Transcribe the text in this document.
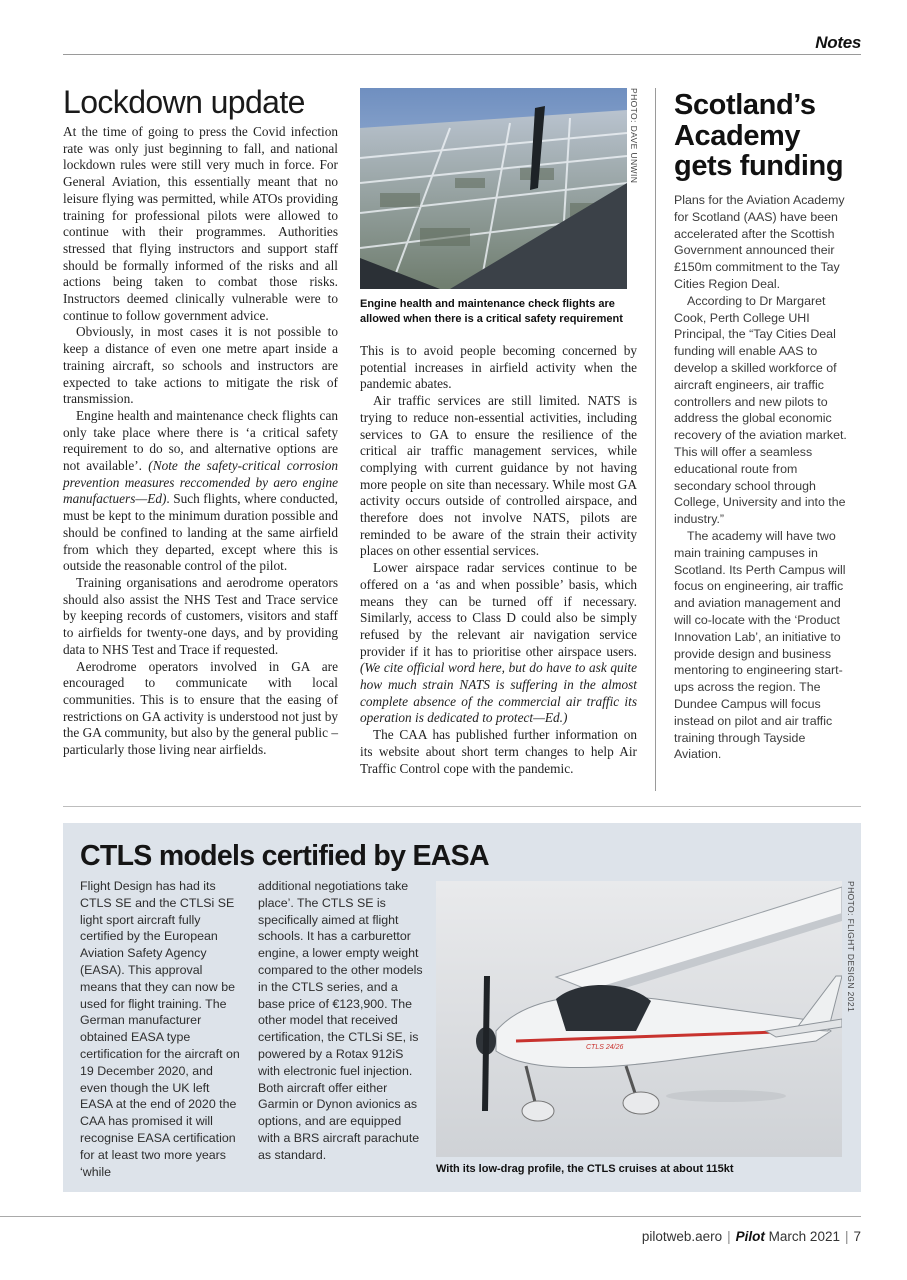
Notes
Lockdown update

At the time of going to press the Covid infection rate was only just beginning to fall, and national lockdown rules were still very much in force. For General Aviation, this essentially meant that no leisure flying was permitted, while ATOs providing training for professional pilots were allowed to continue with their programmes. Authorities stressed that flying instructors and support staff should be formally informed of the risks and all actions being taken to combat those risks. Instructors deemed clinically vulnerable were to continue to follow government advice.

Obviously, in most cases it is not possible to keep a distance of even one metre apart inside a training aircraft, so schools and instructors are expected to take actions to mitigate the risk of transmission.

Engine health and maintenance check flights can only take place where there is ‘a critical safety requirement to do so, and alternative options are not available’. (Note the safety-critical corrosion prevention measures reccomended by aero engine manufactuers—Ed). Such flights, where conducted, must be kept to the minimum duration possible and should be confined to landing at the same airfield from which they departed, except where this is outside the reasonable control of the pilot.

Training organisations and aerodrome operators should also assist the NHS Test and Trace service by keeping records of customers, visitors and staff to airfields for twenty-one days, and by providing data to NHS Test and Trace if requested.

Aerodrome operators involved in GA are encouraged to communicate with local communities. This is to ensure that the easing of restrictions on GA activity is understood not just by the GA community, but also by the general public – particularly those living near airfields.

PHOTO: DAVE UNWIN
Engine health and maintenance check flights are allowed when there is a critical safety requirement

This is to avoid people becoming concerned by potential increases in airfield activity when the pandemic abates.

Air traffic services are still limited. NATS is trying to reduce non-essential activities, including services to GA to ensure the resilience of the critical air traffic management services, while complying with current guidance by not having more people on site than necessary. While most GA activity occurs outside of controlled airspace, and therefore does not involve NATS, pilots are reminded to be aware of the strain their activity places on other essential services.

Lower airspace radar services continue to be offered on a ‘as and when possible’ basis, which means they can be turned off if necessary. Similarly, access to Class D could also be simply refused by the relevant air navigation service provider if it has to prioritise other airspace users. (We cite official word here, but do have to ask quite how much strain NATS is suffering in the almost complete absence of the commercial air traffic its operation is dedicated to protect—Ed.)

The CAA has published further information on its website about short term changes to help Air Traffic Control cope with the pandemic.

Scotland’s Academy gets funding

Plans for the Aviation Academy for Scotland (AAS) have been accelerated after the Scottish Government announced their £150m commitment to the Tay Cities Region Deal.

According to Dr Margaret Cook, Perth College UHI Principal, the “Tay Cities Deal funding will enable AAS to develop a skilled workforce of aircraft engineers, air traffic controllers and new pilots to address the global economic recovery of the aviation market. This will offer a seamless educational route from secondary school through College, University and into the industry.”

The academy will have two main training campuses in Scotland. Its Perth Campus will focus on engineering, air traffic and aviation management and will co-locate with the ‘Product Innovation Lab’, an initiative to provide design and business mentoring to engineering start-ups across the region. The Dundee Campus will focus instead on pilot and air traffic training through Tayside Aviation.

CTLS models certified by EASA

Flight Design has had its CTLS SE and the CTLSi SE light sport aircraft fully certified by the European Aviation Safety Agency (EASA). This approval means that they can now be used for flight training. The German manufacturer obtained EASA type certification for the aircraft on 19 December 2020, and even though the UK left EASA at the end of 2020 the CAA has promised it will recognise EASA certification for at least two more years ‘while

additional negotiations take place’. The CTLS SE is specifically aimed at flight schools. It has a carburettor engine, a lower empty weight compared to the other models in the CTLS series, and a base price of €123,900. The other model that received certification, the CTLSi SE, is powered by a Rotax 912iS with electronic fuel injection. Both aircraft offer either Garmin or Dynon avionics as options, and are equipped with a BRS aircraft parachute as standard.

CTLS 24/26
PHOTO: FLIGHT DESIGN 2021
With its low-drag profile, the CTLS cruises at about 115kt
pilotweb.aero | Pilot March 2021 | 7
